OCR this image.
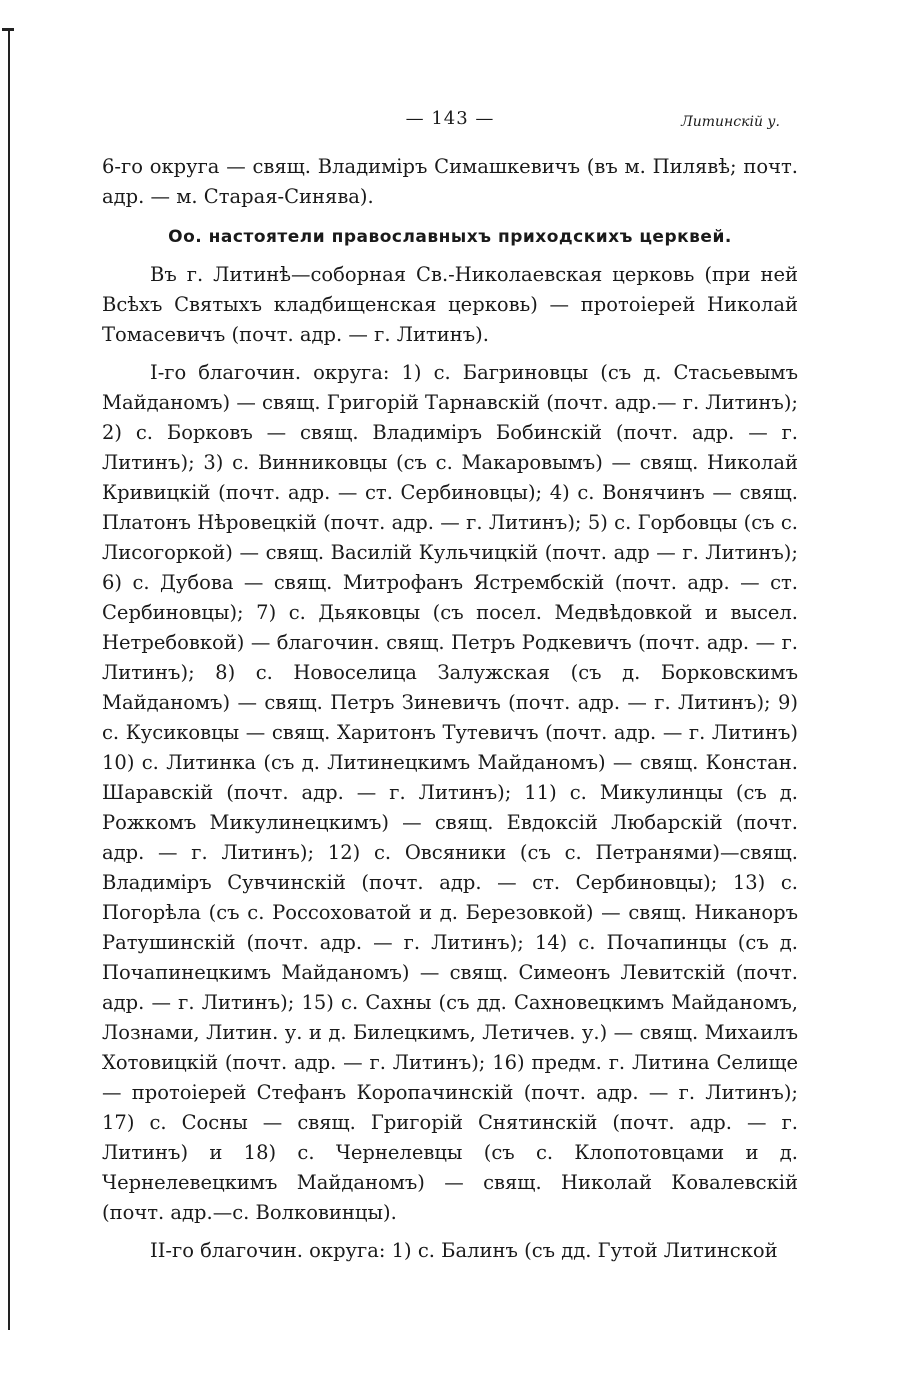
— 143 —	Литинскій у.

6-го округа — свящ. Владиміръ Симашкевичъ (въ м. Пилявѣ; почт. адр. — м. Старая-Синява).

Оо. настоятели православныхъ приходскихъ церквей.

Въ г. Литинѣ—соборная Св.-Николаевская церковь (при ней Всѣхъ Святыхъ кладбищенская церковь) — протоіерей Николай Томасевичъ (почт. адр. — г. Литинъ).

І-го благочин. округа: 1) с. Багриновцы (съ д. Стасьевымъ Майданомъ) — свящ. Григорій Тарнавскій (почт. адр.— г. Литинъ); 2) с. Борковъ — свящ. Владиміръ Бобинскій (почт. адр. — г. Литинъ); 3) с. Винниковцы (съ с. Макаровымъ) — свящ. Николай Кривицкій (почт. адр. — ст. Сербиновцы); 4) с. Вонячинъ — свящ. Платонъ Нѣровецкій (почт. адр. — г. Литинъ); 5) с. Горбовцы (съ с. Лисогоркой) — свящ. Василій Кульчицкій (почт. адр — г. Литинъ); 6) с. Дубова — свящ. Митрофанъ Ястрембскій (почт. адр. — ст. Сербиновцы); 7) с. Дьяковцы (съ посел. Медвѣдовкой и высел. Нетребовкой) — благочин. свящ. Петръ Родкевичъ (почт. адр. — г. Литинъ); 8) с. Новоселица Залужская (съ д. Борковскимъ Майданомъ) — свящ. Петръ Зиневичъ (почт. адр. — г. Литинъ); 9) с. Кусиковцы — свящ. Харитонъ Тутевичъ (почт. адр. — г. Литинъ) 10) с. Литинка (съ д. Литинецкимъ Майданомъ) — свящ. Констан. Шаравскій (почт. адр. — г. Литинъ); 11) с. Микулинцы (съ д. Рожкомъ Микулинецкимъ) — свящ. Евдоксій Любарскій (почт. адр. — г. Литинъ); 12) с. Овсяники (съ с. Петранями)—свящ. Владиміръ Сувчинскій (почт. адр. — ст. Сербиновцы); 13) с. Погорѣла (съ с. Россоховатой и д. Березовкой) — свящ. Никаноръ Ратушинскій (почт. адр. — г. Литинъ); 14) с. Почапинцы (съ д. Почапинецкимъ Майданомъ) — свящ. Симеонъ Левитскій (почт. адр. — г. Литинъ); 15) с. Сахны (съ дд. Сахновецкимъ Майданомъ, Лознами, Литин. у. и д. Билецкимъ, Летичев. у.) — свящ. Михаилъ Хотовицкій (почт. адр. — г. Литинъ); 16) предм. г. Литина Селище — протоіерей Стефанъ Коропачинскій (почт. адр. — г. Литинъ); 17) с. Сосны — свящ. Григорій Снятинскій (почт. адр. — г. Литинъ) и 18) с. Чернелевцы (съ с. Клопотовцами и д. Чернелевецкимъ Майданомъ) — свящ. Николай Ковалевскій (почт. адр.—с. Волковинцы).

ІІ-го благочин. округа: 1) с. Балинъ (съ дд. Гутой Литинской
